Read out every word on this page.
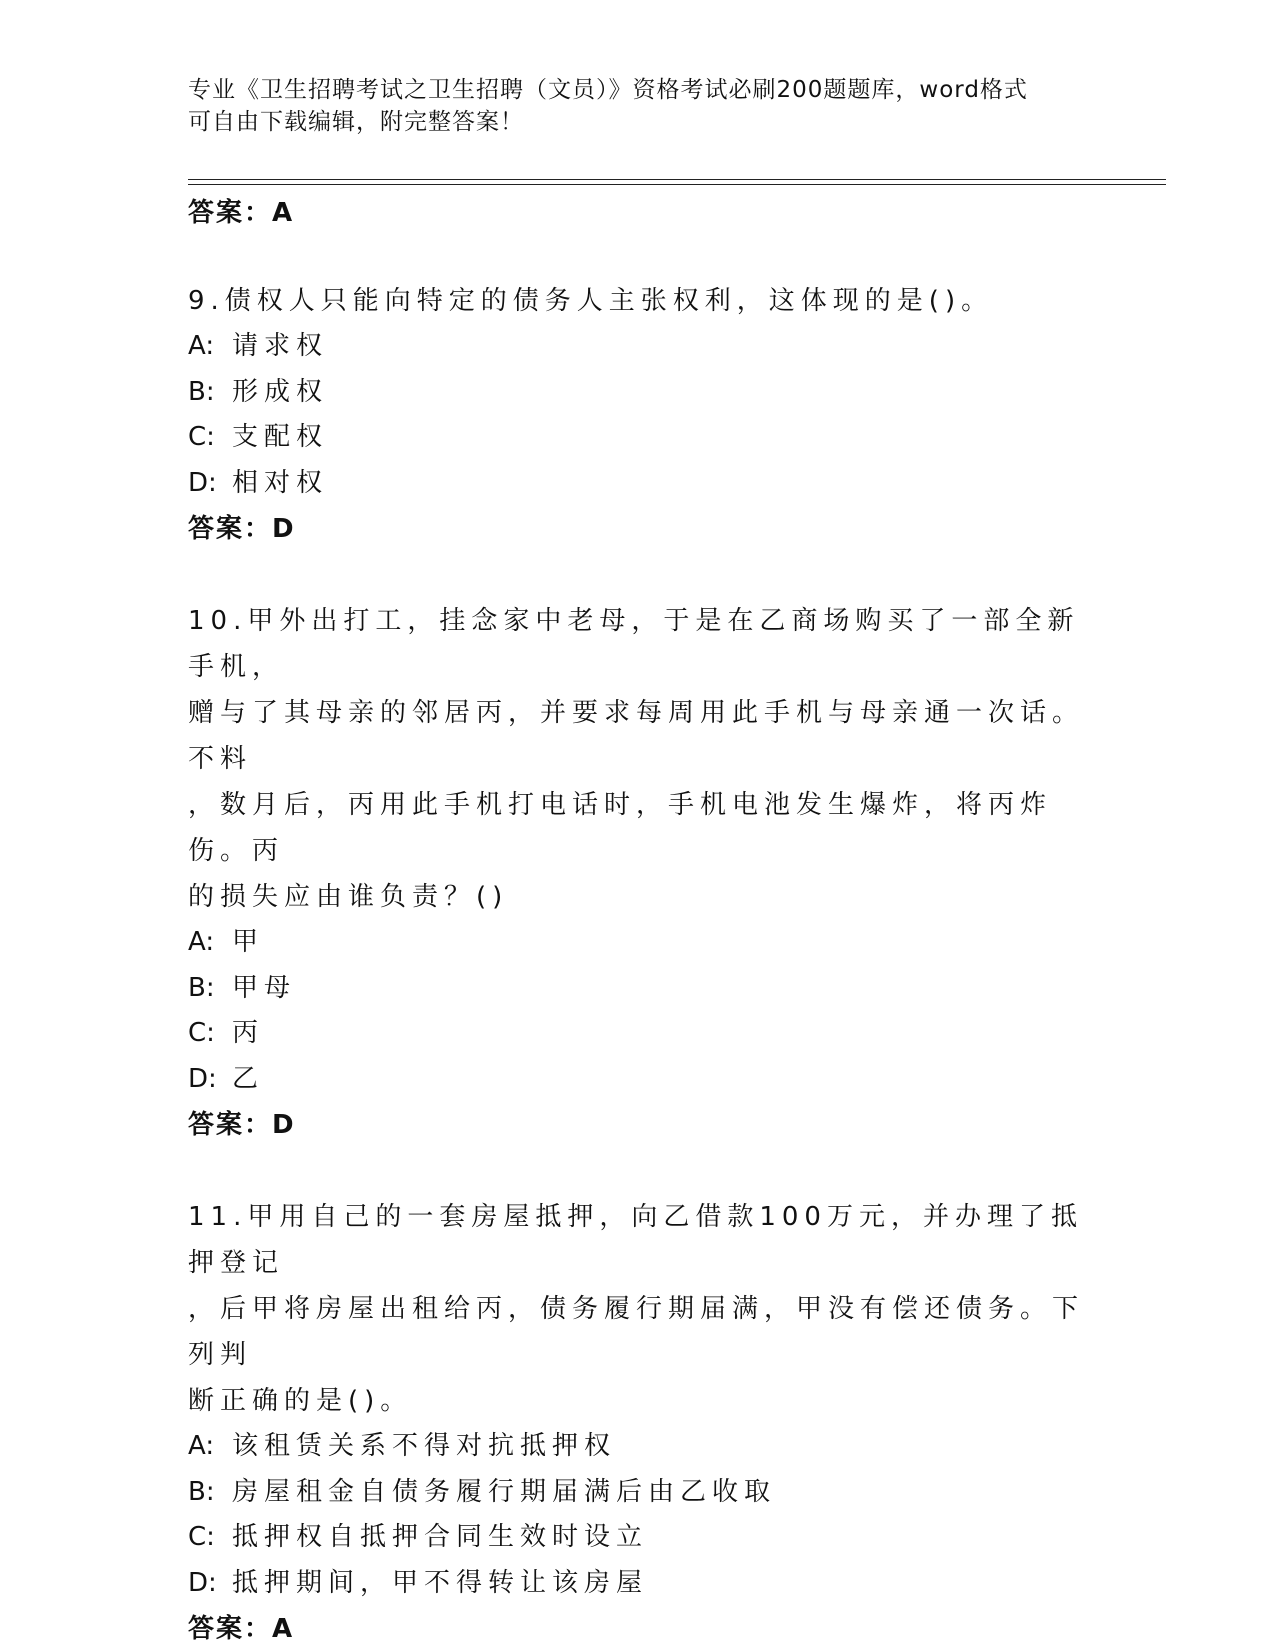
专业《卫生招聘考试之卫生招聘（文员）》资格考试必刷200题题库，word格式
可自由下载编辑，附完整答案！
答案：A
9.债权人只能向特定的债务人主张权利，这体现的是()。
A: 请求权
B: 形成权
C: 支配权
D: 相对权
答案：D
10.甲外出打工，挂念家中老母，于是在乙商场购买了一部全新手机，
赠与了其母亲的邻居丙，并要求每周用此手机与母亲通一次话。不料
，数月后，丙用此手机打电话时，手机电池发生爆炸，将丙炸伤。丙
的损失应由谁负责？()
A: 甲
B: 甲母
C: 丙
D: 乙
答案：D
11.甲用自己的一套房屋抵押，向乙借款100万元，并办理了抵押登记
，后甲将房屋出租给丙，债务履行期届满，甲没有偿还债务。下列判
断正确的是()。
A: 该租赁关系不得对抗抵押权
B: 房屋租金自债务履行期届满后由乙收取
C: 抵押权自抵押合同生效时设立
D: 抵押期间，甲不得转让该房屋
答案：A
